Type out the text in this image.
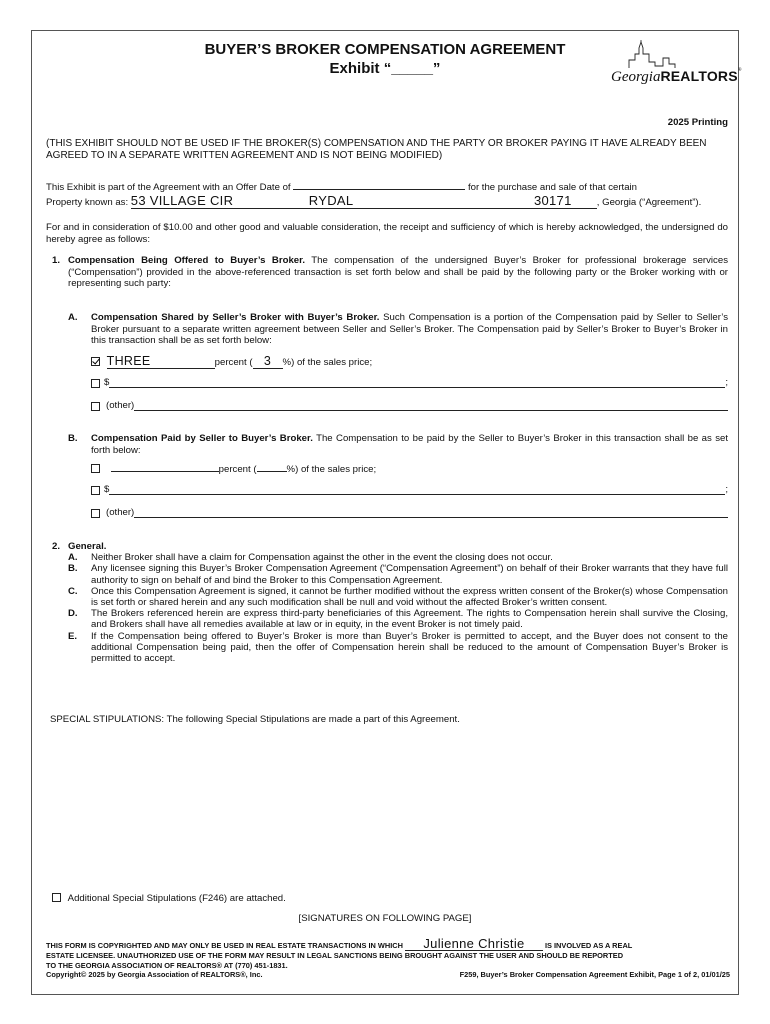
BUYER’S BROKER COMPENSATION AGREEMENT
Exhibit “_____”	GeorgiaREALTORS®
2025 Printing
(THIS EXHIBIT SHOULD NOT BE USED IF THE BROKER(S) COMPENSATION AND THE PARTY OR BROKER PAYING IT HAVE ALREADY BEEN AGREED TO IN A SEPARATE WRITTEN AGREEMENT AND IS NOT BEING MODIFIED)
This Exhibit is part of the Agreement with an Offer Date of	for the purchase and sale of that certain
Property known as: 53 VILLAGE CIR	RYDAL	30171	, Georgia (“Agreement”).
For and in consideration of $10.00 and other good and valuable consideration, the receipt and sufficiency of which is hereby acknowledged, the undersigned do hereby agree as follows:
1. Compensation Being Offered to Buyer’s Broker. The compensation of the undersigned Buyer’s Broker for professional brokerage services (“Compensation”) provided in the above-referenced transaction is set forth below and shall be paid by the following party or the Broker working with or representing such party:
A.	Compensation Shared by Seller’s Broker with Buyer’s Broker. Such Compensation is a portion of the Compensation paid by Seller to Seller’s Broker pursuant to a separate written agreement between Seller and Seller’s Broker. The Compensation paid by Seller’s Broker to Buyer’s Broker in this transaction shall be as set forth below:
THREE	percent ( 3 %) of the sales price;
$	;
(other)
B.	Compensation Paid by Seller to Buyer’s Broker. The Compensation to be paid by the Seller to Buyer’s Broker in this transaction shall be as set forth below:
percent (	%) of the sales price;
$	;
(other)
2. General.
A.	Neither Broker shall have a claim for Compensation against the other in the event the closing does not occur.
B.	Any licensee signing this Buyer’s Broker Compensation Agreement (“Compensation Agreement”) on behalf of their Broker warrants that they have full authority to sign on behalf of and bind the Broker to this Compensation Agreement.
C.	Once this Compensation Agreement is signed, it cannot be further modified without the express written consent of the Broker(s) whose Compensation is set forth or shared herein and any such modification shall be null and void without the affected Broker’s written consent.
D.	The Brokers referenced herein are express third-party beneficiaries of this Agreement. The rights to Compensation herein shall survive the Closing, and Brokers shall have all remedies available at law or in equity, in the event Broker is not timely paid.
E.	If the Compensation being offered to Buyer’s Broker is more than Buyer’s Broker is permitted to accept, and the Buyer does not consent to the additional Compensation being paid, then the offer of Compensation herein shall be reduced to the amount of Compensation Buyer’s Broker is permitted to accept.
SPECIAL STIPULATIONS: The following Special Stipulations are made a part of this Agreement.
Additional Special Stipulations (F246) are attached.
[SIGNATURES ON FOLLOWING PAGE]
THIS FORM IS COPYRIGHTED AND MAY ONLY BE USED IN REAL ESTATE TRANSACTIONS IN WHICH	Julienne Christie	IS INVOLVED AS A REAL
ESTATE LICENSEE. UNAUTHORIZED USE OF THE FORM MAY RESULT IN LEGAL SANCTIONS BEING BROUGHT AGAINST THE USER AND SHOULD BE REPORTED
TO THE GEORGIA ASSOCIATION OF REALTORS® AT (770) 451-1831.
Copyright© 2025 by Georgia Association of REALTORS®, Inc.	F259, Buyer’s Broker Compensation Agreement Exhibit, Page 1 of 2, 01/01/25
